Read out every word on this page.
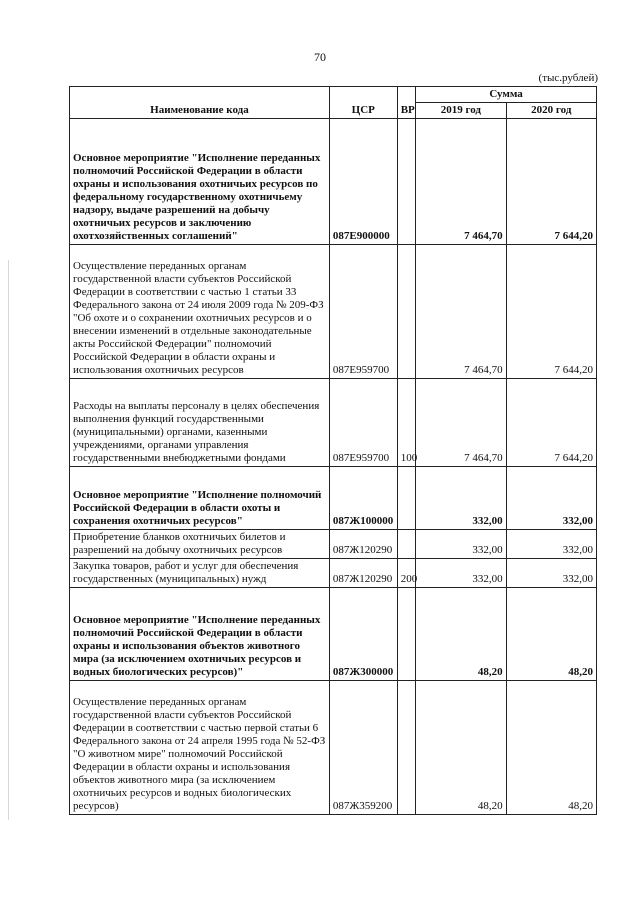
70
(тыс.рублей)
Наименование кода	ЦСР	ВР	Сумма	
			2019 год	2020 год
Основное мероприятие "Исполнение переданных полномочий Российской Федерации в области охраны и использования охотничьих ресурсов по федеральному государственному охотничьему надзору, выдаче разрешений на добычу охотничьих ресурсов и заключению охотхозяйственных соглашений"	087Е900000		7 464,70	7 644,20
Осуществление переданных органам государственной власти субъектов Российской Федерации в соответствии с частью 1 статьи 33 Федерального закона от 24 июля 2009 года № 209-ФЗ "Об охоте и о сохранении охотничьих ресурсов и о внесении изменений в отдельные законодательные акты Российской Федерации" полномочий Российской Федерации в области охраны и использования охотничьих ресурсов	087Е959700		7 464,70	7 644,20
Расходы на выплаты персоналу в целях обеспечения выполнения функций государственными (муниципальными) органами, казенными учреждениями, органами управления государственными внебюджетными фондами	087Е959700	100	7 464,70	7 644,20
Основное мероприятие "Исполнение полномочий Российской Федерации в области охоты и сохранения охотничьих ресурсов"	087Ж100000		332,00	332,00
Приобретение бланков охотничьих билетов и разрешений на добычу охотничьих ресурсов	087Ж120290		332,00	332,00
Закупка товаров, работ и услуг для обеспечения государственных (муниципальных) нужд	087Ж120290	200	332,00	332,00
Основное мероприятие "Исполнение переданных полномочий Российской Федерации в области охраны и использования объектов животного мира (за исключением охотничьих ресурсов и водных биологических ресурсов)"	087Ж300000		48,20	48,20
Осуществление переданных органам государственной власти субъектов Российской Федерации в соответствии с частью первой статьи 6 Федерального закона от 24 апреля 1995 года № 52-ФЗ "О животном мире" полномочий Российской Федерации в области охраны и использования объектов животного мира (за исключением охотничьих ресурсов и водных биологических ресурсов)	087Ж359200		48,20	48,20
